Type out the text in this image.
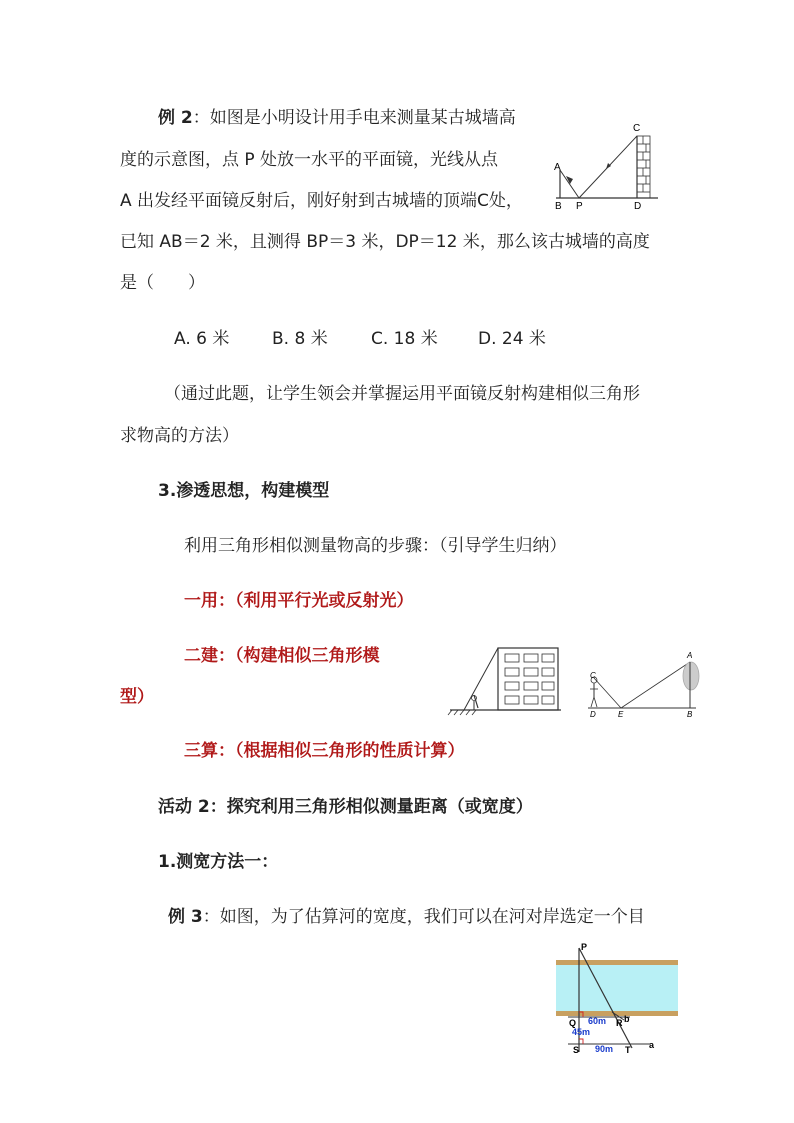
例 2：如图是小明设计用手电来测量某古城墙高
度的示意图，点 P 处放一水平的平面镜，光线从点
A 出发经平面镜反射后，刚好射到古城墙的顶端C处，
已知 AB＝2 米，且测得 BP＝3 米，DP＝12 米，那么该古城墙的高度
是（　　）
A. 6 米	B. 8 米	C. 18 米 D. 24 米
A
B P
C
D
（通过此题，让学生领会并掌握运用平面镜反射构建相似三角形
求物高的方法）
3.渗透思想，构建模型
利用三角形相似测量物高的步骤：（引导学生归纳）
一用：（利用平行光或反射光）
二建：（构建相似三角形模
型）
三算：（根据相似三角形的性质计算）
C
D	E
A
B
活动 2：探究利用三角形相似测量距离（或宽度）
1.测宽方法一：
例 3：如图，为了估算河的宽度，我们可以在河对岸选定一个目
P
Q	R b
S	T a
60m
45m
90m
